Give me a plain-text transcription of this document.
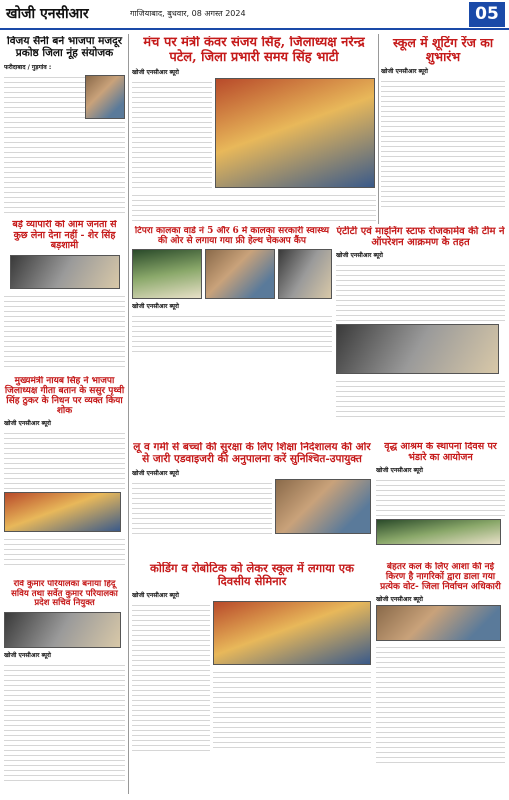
खोजी एनसीआर	गाजियाबाद, बुधवार, 08 अगस्त 2024	05
विजय सैनी बने भाजपा मजदूर प्रकोष्ठ जिला नूंह संयोजक
फरीदाबाद / गुड़गांव :
बड़े व्यापारी को आम जनता से कुछ लेना देना नहीं - शेर सिंह बड़शामी
मंच पर मंत्री कंवर संजय सिंह, जिलाध्यक्ष नरेन्द्र पटेल, जिला प्रभारी समय सिंह भाटी
खोजी एनसीआर ब्यूरो
स्कूल में शूटिंग रेंज का शुभारंभ
खोजी एनसीआर ब्यूरो
टिपरा कालका वार्ड नं 5 और 6 में कालका सरकारी स्वास्थ्य की ओर से लगाया गया फ्री हेल्थ चेकअप कैंप
खोजी एनसीआर ब्यूरो
एंटीटी एवं माइनिंग स्टाफ रोजकामेव की टीम ने ऑपरेशन आक्रमण के तहत
खोजी एनसीआर ब्यूरो
मुख्यमंत्री नायब सिंह ने भाजपा जिलाध्यक्ष गीता बतान के ससुर पृथ्वी सिंह ठुकर के निधन पर व्यक्त किया शोक
खोजी एनसीआर ब्यूरो
लू व गर्मी से बच्चों की सुरक्षा के लिए शिक्षा निदेशालय की ओर से जारी एडवाइजरी की अनुपालना करें सुनिश्चित-उपायुक्त
खोजी एनसीआर ब्यूरो
वृद्ध आश्रम के स्थापना दिवस पर भंडारे का आयोजन
खोजी एनसीआर ब्यूरो
रवि कुमार परियालका बनाया हिंदू सविय तथा सर्वेत कुमार परियालका प्रदेश सचिव नियुक्त
खोजी एनसीआर ब्यूरो
कोडिंग व रोबोटिक को लेकर स्कूल में लगाया एक दिवसीय सेमिनार
खोजी एनसीआर ब्यूरो
बेहतर कल के लिए आशा की नई किरण है नागरिकों द्वारा डाला गया प्रत्येक वोट- जिला निर्वाचन अधिकारी
खोजी एनसीआर ब्यूरो
